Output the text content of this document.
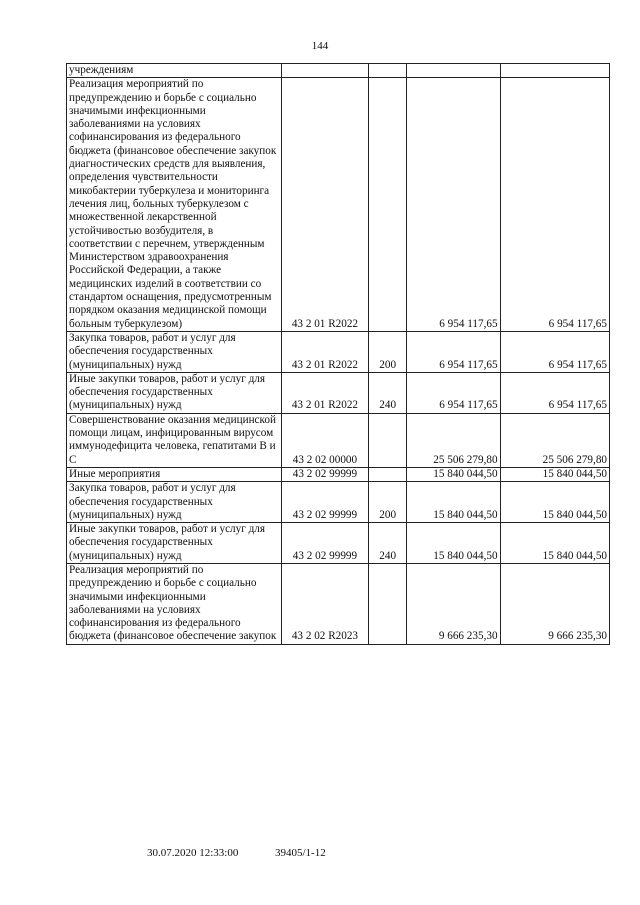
144
учреждениям				
Реализация мероприятий по предупреждению и борьбе с социально значимыми инфекционными заболеваниями на условиях софинансирования из федерального бюджета (финансовое обеспечение закупок диагностических средств для выявления, определения чувствительности микобактерии туберкулеза и мониторинга лечения лиц, больных туберкулезом с множественной лекарственной устойчивостью возбудителя, в соответствии с перечнем, утвержденным Министерством здравоохранения Российской Федерации, а также медицинских изделий в соответствии со стандартом оснащения, предусмотренным порядком оказания медицинской помощи больным туберкулезом)	43 2 01 R2022		6 954 117,65	6 954 117,65
Закупка товаров, работ и услуг для обеспечения государственных (муниципальных) нужд	43 2 01 R2022	200	6 954 117,65	6 954 117,65
Иные закупки товаров, работ и услуг для обеспечения государственных (муниципальных) нужд	43 2 01 R2022	240	6 954 117,65	6 954 117,65
Совершенствование оказания медицинской помощи лицам, инфицированным вирусом иммунодефицита человека, гепатитами В и С	43 2 02 00000		25 506 279,80	25 506 279,80
Иные мероприятия	43 2 02 99999		15 840 044,50	15 840 044,50
Закупка товаров, работ и услуг для обеспечения государственных (муниципальных) нужд	43 2 02 99999	200	15 840 044,50	15 840 044,50
Иные закупки товаров, работ и услуг для обеспечения государственных (муниципальных) нужд	43 2 02 99999	240	15 840 044,50	15 840 044,50
Реализация мероприятий по предупреждению и борьбе с социально значимыми инфекционными заболеваниями на условиях софинансирования из федерального бюджета (финансовое обеспечение закупок	43 2 02 R2023		9 666 235,30	9 666 235,30
30.07.2020 12:33:00	39405/1-12
